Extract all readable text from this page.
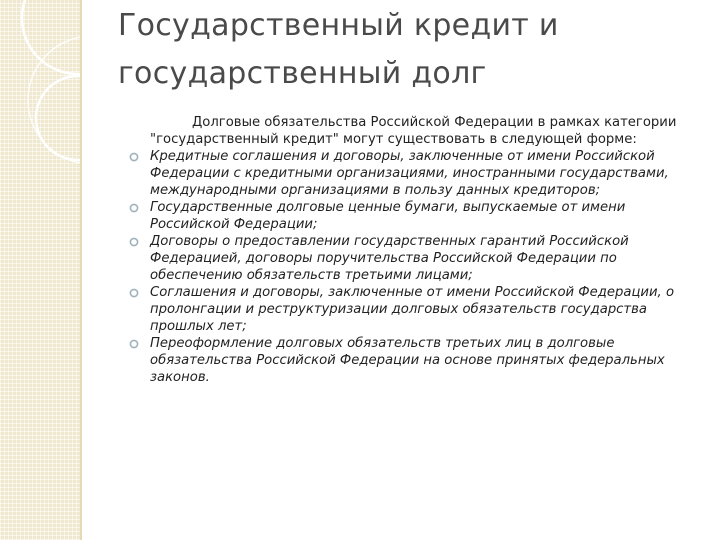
Государственный кредит и
государственный долг

Долговые обязательства Российской Федерации в рамках категории "государственный кредит" могут существовать в следующей форме:

Кредитные соглашения и договоры, заключенные от имени Российской Федерации с кредитными организациями, иностранными государствами, международными организациями в пользу данных кредиторов;
Государственные долговые ценные бумаги, выпускаемые от имени Российской Федерации;
Договоры о предоставлении государственных гарантий Российской Федерацией, договоры поручительства Российской Федерации по обеспечению обязательств третьими лицами;
Соглашения и договоры, заключенные от имени Российской Федерации, о пролонгации и реструктуризации долговых обязательств государства прошлых лет;
Переоформление долговых обязательств третьих лиц в долговые обязательства Российской Федерации на основе принятых федеральных законов.
